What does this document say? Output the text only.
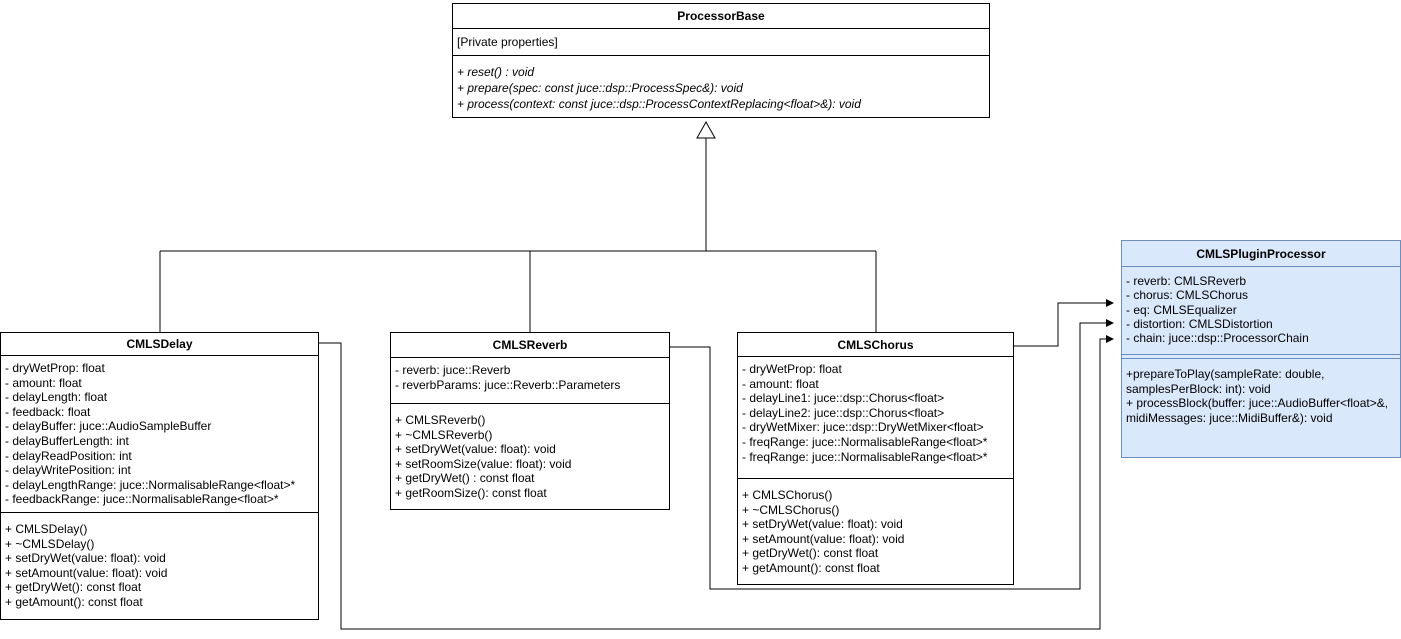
ProcessorBase
[Private properties]
+ reset() : void
+ prepare(spec: const juce::dsp::ProcessSpec&): void
+ process(context: const juce::dsp::ProcessContextReplacing<float>&): void
CMLSDelay
- dryWetProp: float
- amount: float
- delayLength: float
- feedback: float
- delayBuffer: juce::AudioSampleBuffer
- delayBufferLength: int
- delayReadPosition: int
- delayWritePosition: int
- delayLengthRange: juce::NormalisableRange<float>*
- feedbackRange: juce::NormalisableRange<float>*
+ CMLSDelay()
+ ~CMLSDelay()
+ setDryWet(value: float): void
+ setAmount(value: float): void
+ getDryWet(): const float
+ getAmount(): const float
CMLSReverb
- reverb: juce::Reverb
- reverbParams: juce::Reverb::Parameters
+ CMLSReverb()
+ ~CMLSReverb()
+ setDryWet(value: float): void
+ setRoomSize(value: float): void
+ getDryWet() : const float
+ getRoomSize(): const float
CMLSChorus
- dryWetProp: float
- amount: float
- delayLine1: juce::dsp::Chorus<float>
- delayLine2: juce::dsp::Chorus<float>
- dryWetMixer: juce::dsp::DryWetMixer<float>
- freqRange: juce::NormalisableRange<float>*
- freqRange: juce::NormalisableRange<float>*
+ CMLSChorus()
+ ~CMLSChorus()
+ setDryWet(value: float): void
+ setAmount(value: float): void
+ getDryWet(): const float
+ getAmount(): const float
CMLSPluginProcessor
- reverb: CMLSReverb
- chorus: CMLSChorus
- eq: CMLSEqualizer
- distortion: CMLSDistortion
- chain: juce::dsp::ProcessorChain
+prepareToPlay(sampleRate: double, samplesPerBlock: int): void
+ processBlock(buffer: juce::AudioBuffer<float>&, midiMessages: juce::MidiBuffer&): void
